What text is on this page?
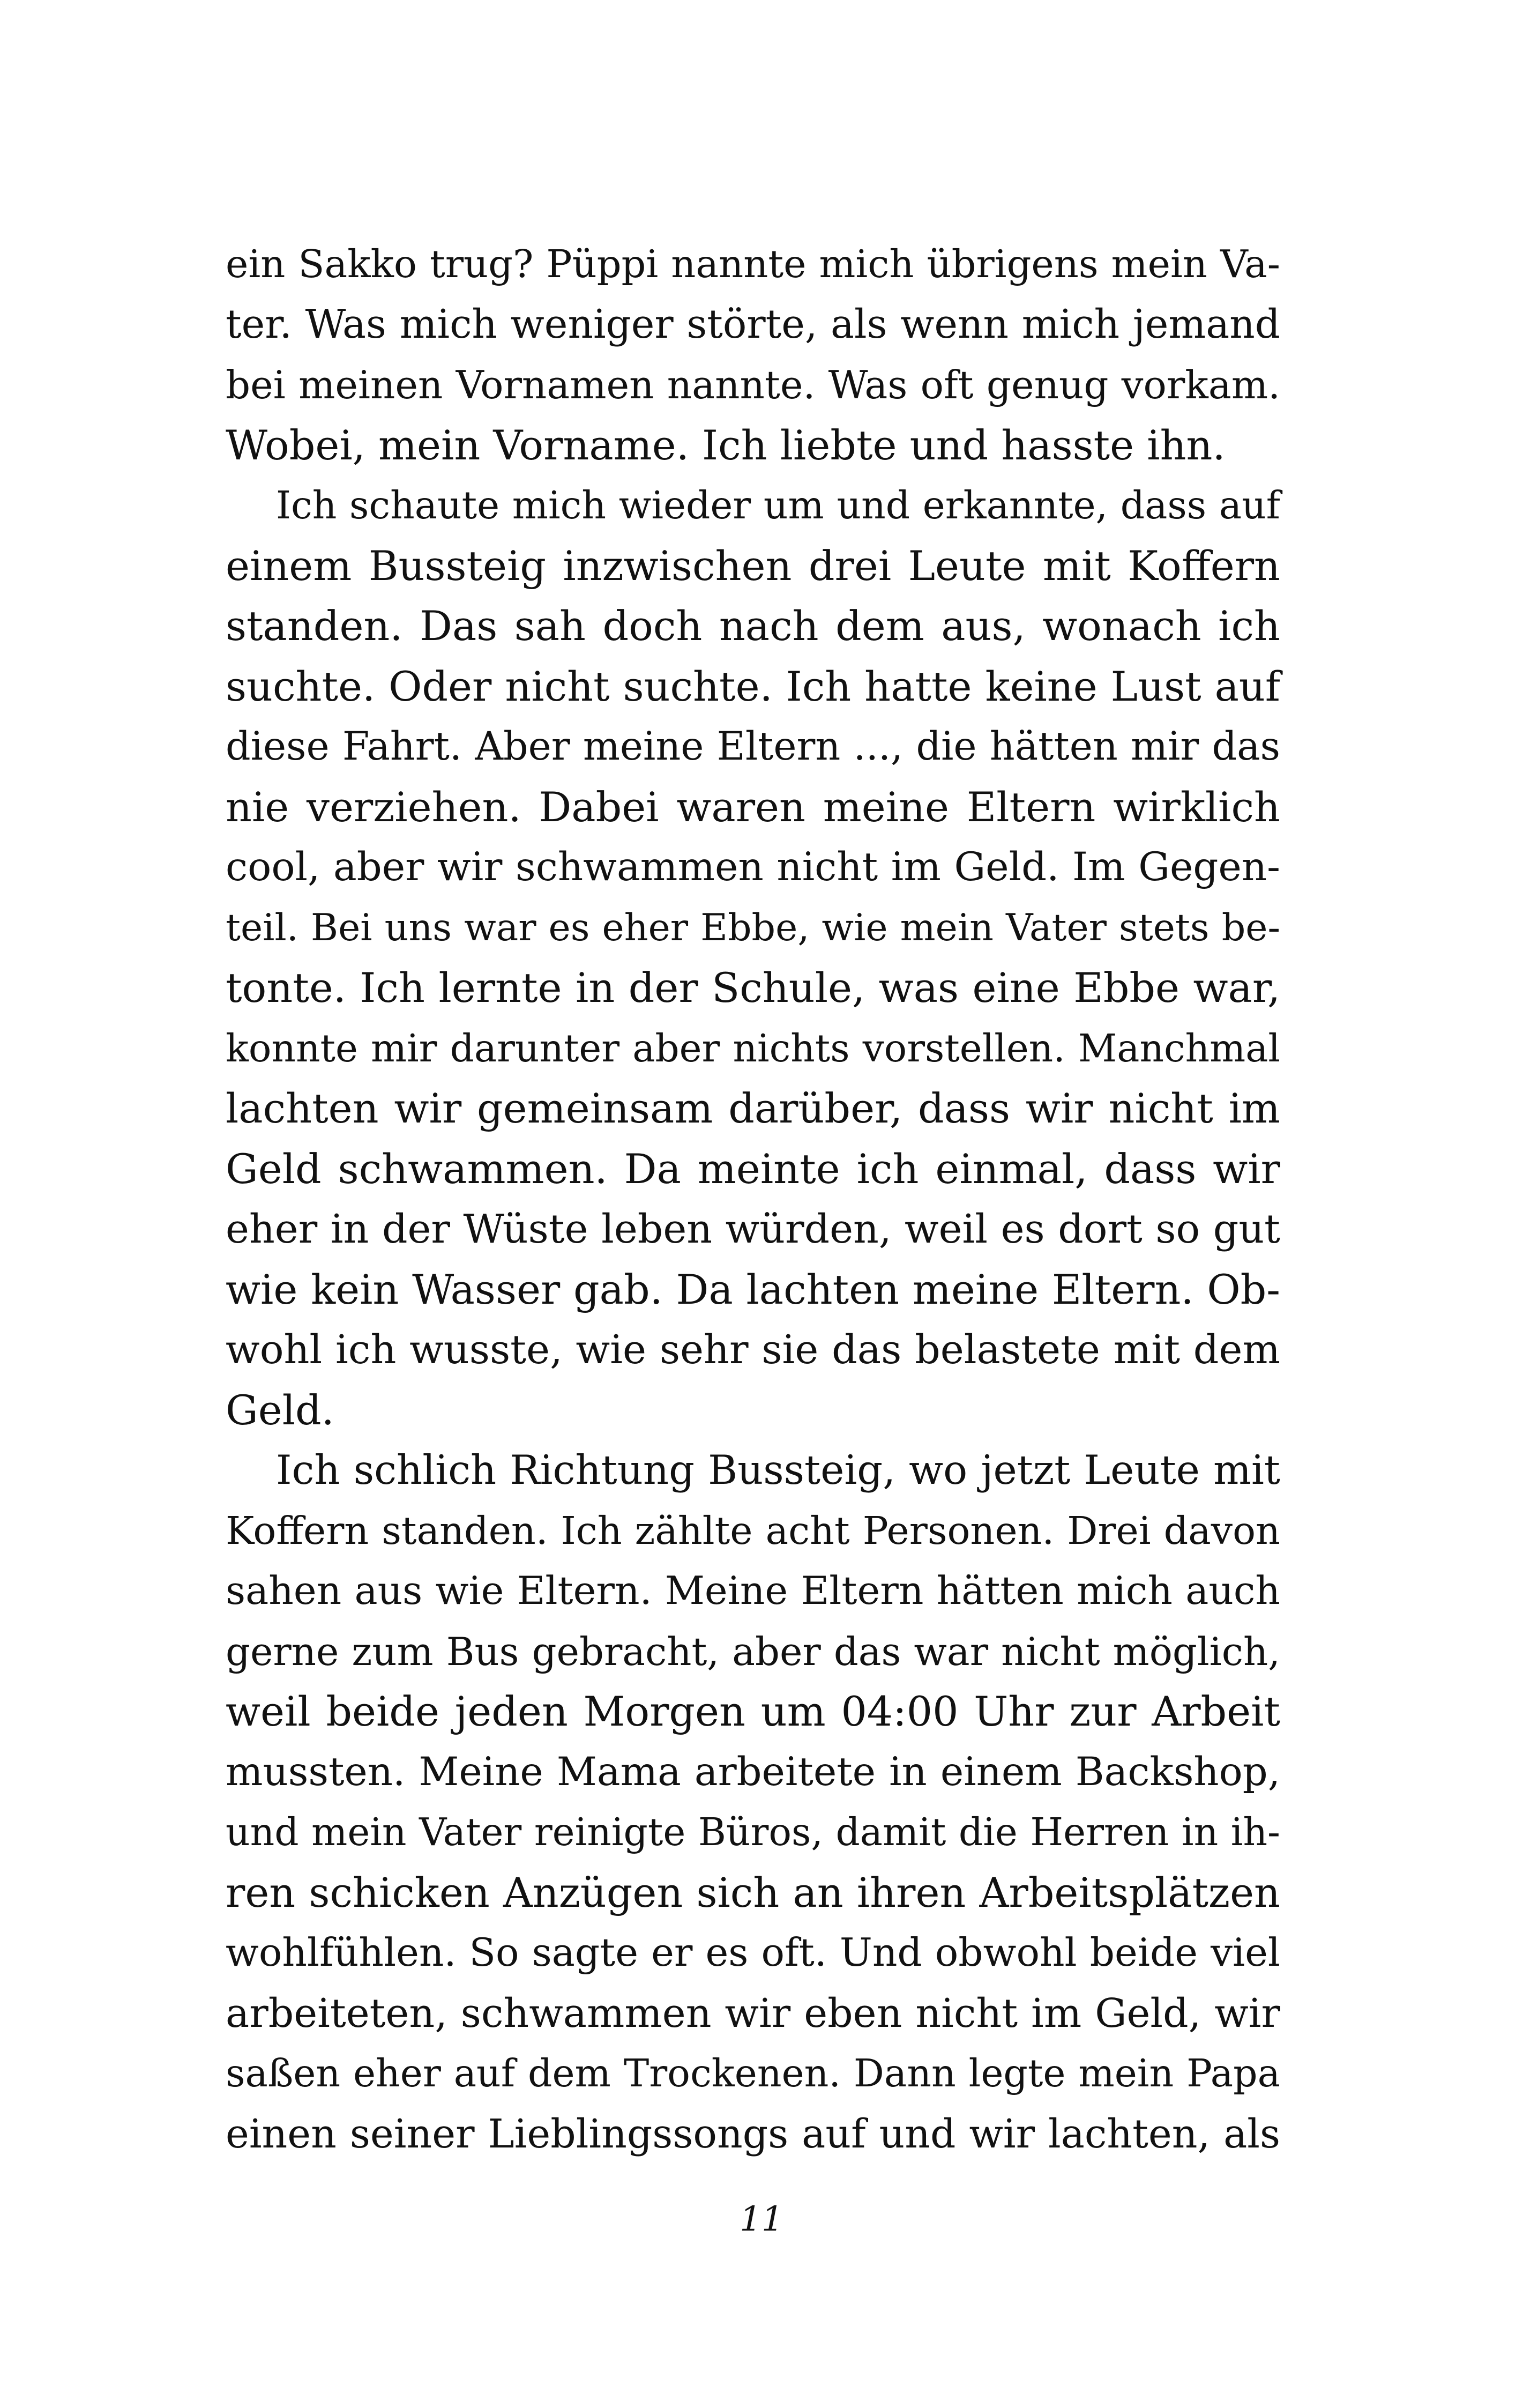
ein Sakko trug? Püppi nannte mich übrigens mein Va-
ter. Was mich weniger störte, als wenn mich jemand
bei meinen Vornamen nannte. Was oft genug vorkam.
Wobei, mein Vorname. Ich liebte und hasste ihn.

Ich schaute mich wieder um und erkannte, dass auf
einem Bussteig inzwischen drei Leute mit Koffern
standen. Das sah doch nach dem aus, wonach ich
suchte. Oder nicht suchte. Ich hatte keine Lust auf
diese Fahrt. Aber meine Eltern ..., die hätten mir das
nie verziehen. Dabei waren meine Eltern wirklich
cool, aber wir schwammen nicht im Geld. Im Gegen-
teil. Bei uns war es eher Ebbe, wie mein Vater stets be-
tonte. Ich lernte in der Schule, was eine Ebbe war,
konnte mir darunter aber nichts vorstellen. Manchmal
lachten wir gemeinsam darüber, dass wir nicht im
Geld schwammen. Da meinte ich einmal, dass wir
eher in der Wüste leben würden, weil es dort so gut
wie kein Wasser gab. Da lachten meine Eltern. Ob-
wohl ich wusste, wie sehr sie das belastete mit dem
Geld.

Ich schlich Richtung Bussteig, wo jetzt Leute mit
Koffern standen. Ich zählte acht Personen. Drei davon
sahen aus wie Eltern. Meine Eltern hätten mich auch
gerne zum Bus gebracht, aber das war nicht möglich,
weil beide jeden Morgen um 04:00 Uhr zur Arbeit
mussten. Meine Mama arbeitete in einem Backshop,
und mein Vater reinigte Büros, damit die Herren in ih-
ren schicken Anzügen sich an ihren Arbeitsplätzen
wohlfühlen. So sagte er es oft. Und obwohl beide viel
arbeiteten, schwammen wir eben nicht im Geld, wir
saßen eher auf dem Trockenen. Dann legte mein Papa
einen seiner Lieblingssongs auf und wir lachten, als

11
